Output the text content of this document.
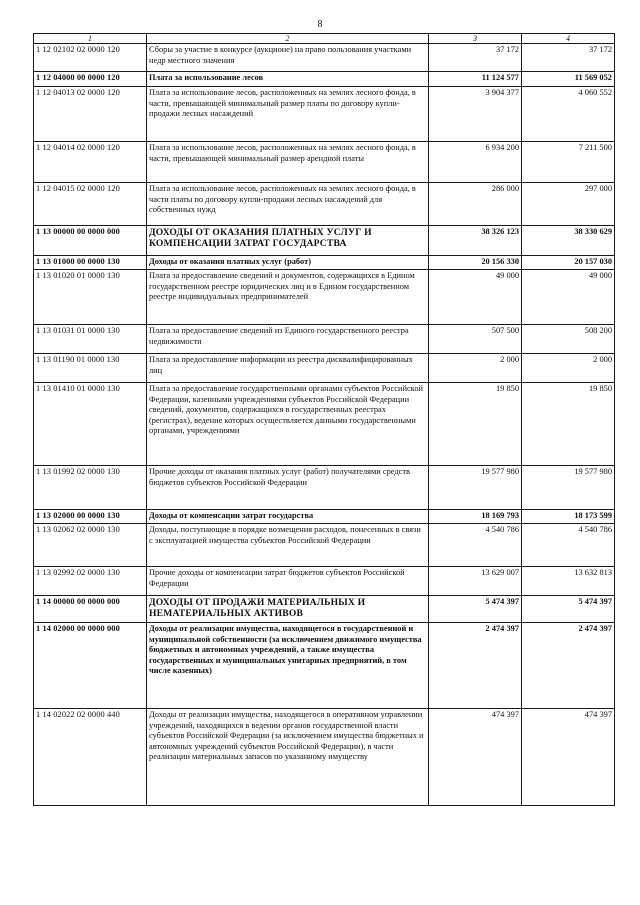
8
1	2	3	4
1 12 02102 02 0000 120	Сборы за участие в конкурсе (аукционе) на право пользования участками недр местного значения	37 172	37 172
1 12 04000 00 0000 120	Плата за использование лесов	11 124 577	11 569 052
1 12 04013 02 0000 120	Плата за использование лесов, расположенных на землях лесного фонда, в части, превышающей минимальный размер платы по договору купли-продажи лесных насаждений	3 904 377	4 060 552
1 12 04014 02 0000 120	Плата за использование лесов, расположенных на землях лесного фонда, в части, превышающей минимальный размер арендной платы	6 934 200	7 211 500
1 12 04015 02 0000 120	Плата за использование лесов, расположенных на землях лесного фонда, в части платы по договору купли-продажи лесных насаждений для собственных нужд	286 000	297 000
1 13 00000 00 0000 000	ДОХОДЫ ОТ ОКАЗАНИЯ ПЛАТНЫХ УСЛУГ И КОМПЕНСАЦИИ ЗАТРАТ ГОСУДАРСТВА	38 326 123	38 330 629
1 13 01000 00 0000 130	Доходы от оказания платных услуг (работ)	20 156 330	20 157 030
1 13 01020 01 0000 130	Плата за предоставление сведений и документов, содержащихся в Едином государственном реестре юридических лиц и в Едином государственном реестре индивидуальных предпринимателей	49 000	49 000
1 13 01031 01 0000 130	Плата за предоставление сведений из Единого государственного реестра недвижимости	507 500	508 200
1 13 01190 01 0000 130	Плата за предоставление информации из реестра дисквалифицированных лиц	2 000	2 000
1 13 01410 01 0000 130	Плата за предоставление государственными органами субъектов Российской Федерации, казенными учреждениями субъектов Российской Федерации сведений, документов, содержащихся в государственных реестрах (регистрах), ведение которых осуществляется данными государственными органами, учреждениями	19 850	19 850
1 13 01992 02 0000 130	Прочие доходы от оказания платных услуг (работ) получателями средств бюджетов субъектов Российской Федерации	19 577 980	19 577 980
1 13 02000 00 0000 130	Доходы от компенсации затрат государства	18 169 793	18 173 599
1 13 02062 02 0000 130	Доходы, поступающие в порядке возмещения расходов, понесенных в связи с эксплуатацией имущества субъектов Российской Федерации	4 540 786	4 540 786
1 13 02992 02 0000 130	Прочие доходы от компенсации затрат бюджетов субъектов Российской Федерации	13 629 007	13 632 813
1 14 00000 00 0000 000	ДОХОДЫ ОТ ПРОДАЖИ МАТЕРИАЛЬНЫХ И НЕМАТЕРИАЛЬНЫХ АКТИВОВ	5 474 397	5 474 397
1 14 02000 00 0000 000	Доходы от реализации имущества, находящегося в государственной и муниципальной собственности (за исключением движимого имущества бюджетных и автономных учреждений, а также имущества государственных и муниципальных унитарных предприятий, в том числе казенных)	2 474 397	2 474 397
1 14 02022 02 0000 440	Доходы от реализации имущества, находящегося в оперативном управлении учреждений, находящихся в ведении органов государственной власти субъектов Российской Федерации (за исключением имущества бюджетных и автономных учреждений субъектов Российской Федерации), в части реализации материальных запасов по указанному имуществу	474 397	474 397
